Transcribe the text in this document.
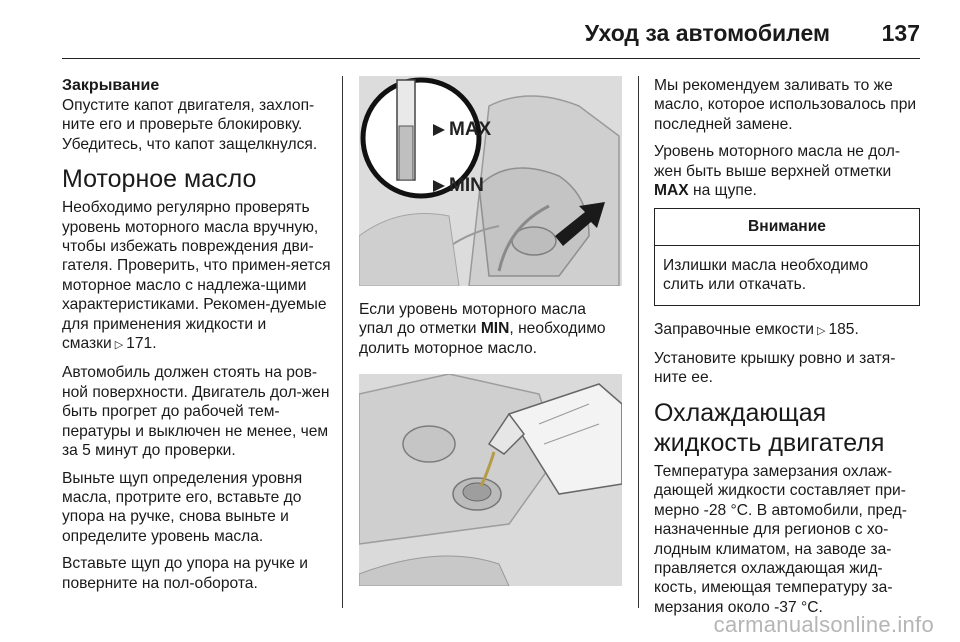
Уход за автомобилем 137
Закрывание

Опустите капот двигателя, захлоп-ните его и проверьте блокировку. Убедитесь, что капот защелкнулся.

Моторное масло

Необходимо регулярно проверять уровень моторного масла вручную, чтобы избежать повреждения дви-гателя. Проверить, что примен-яется моторное масло с надлежа-щими характеристиками. Рекомен-дуемые для применения жидкости и смазки ▷ 171.

Автомобиль должен стоять на ров-ной поверхности. Двигатель дол-жен быть прогрет до рабочей тем-пературы и выключен не менее, чем за 5 минут до проверки.

Выньте щуп определения уровня масла, протрите его, вставьте до упора на ручке, снова выньте и определите уровень масла.

Вставьте щуп до упора на ручке и поверните на пол-оборота.

MAX
MIN

Если уровень моторного масла упал до отметки MIN, необходимо долить моторное масло.

Мы рекомендуем заливать то же масло, которое использовалось при последней замене.

Уровень моторного масла не дол-жен быть выше верхней отметки MAX на щупе.

Внимание
Излишки масла необходимо слить или откачать.

Заправочные емкости ▷ 185.

Установите крышку ровно и затя-ните ее.

Охлаждающая жидкость двигателя

Температура замерзания охлаж-дающей жидкости составляет при-мерно -28 °C. В автомобили, пред-назначенные для регионов с хо-лодным климатом, на заводе за-правляется охлаждающая жид-кость, имеющая температуру за-мерзания около -37 °C.

carmanualsonline.info
